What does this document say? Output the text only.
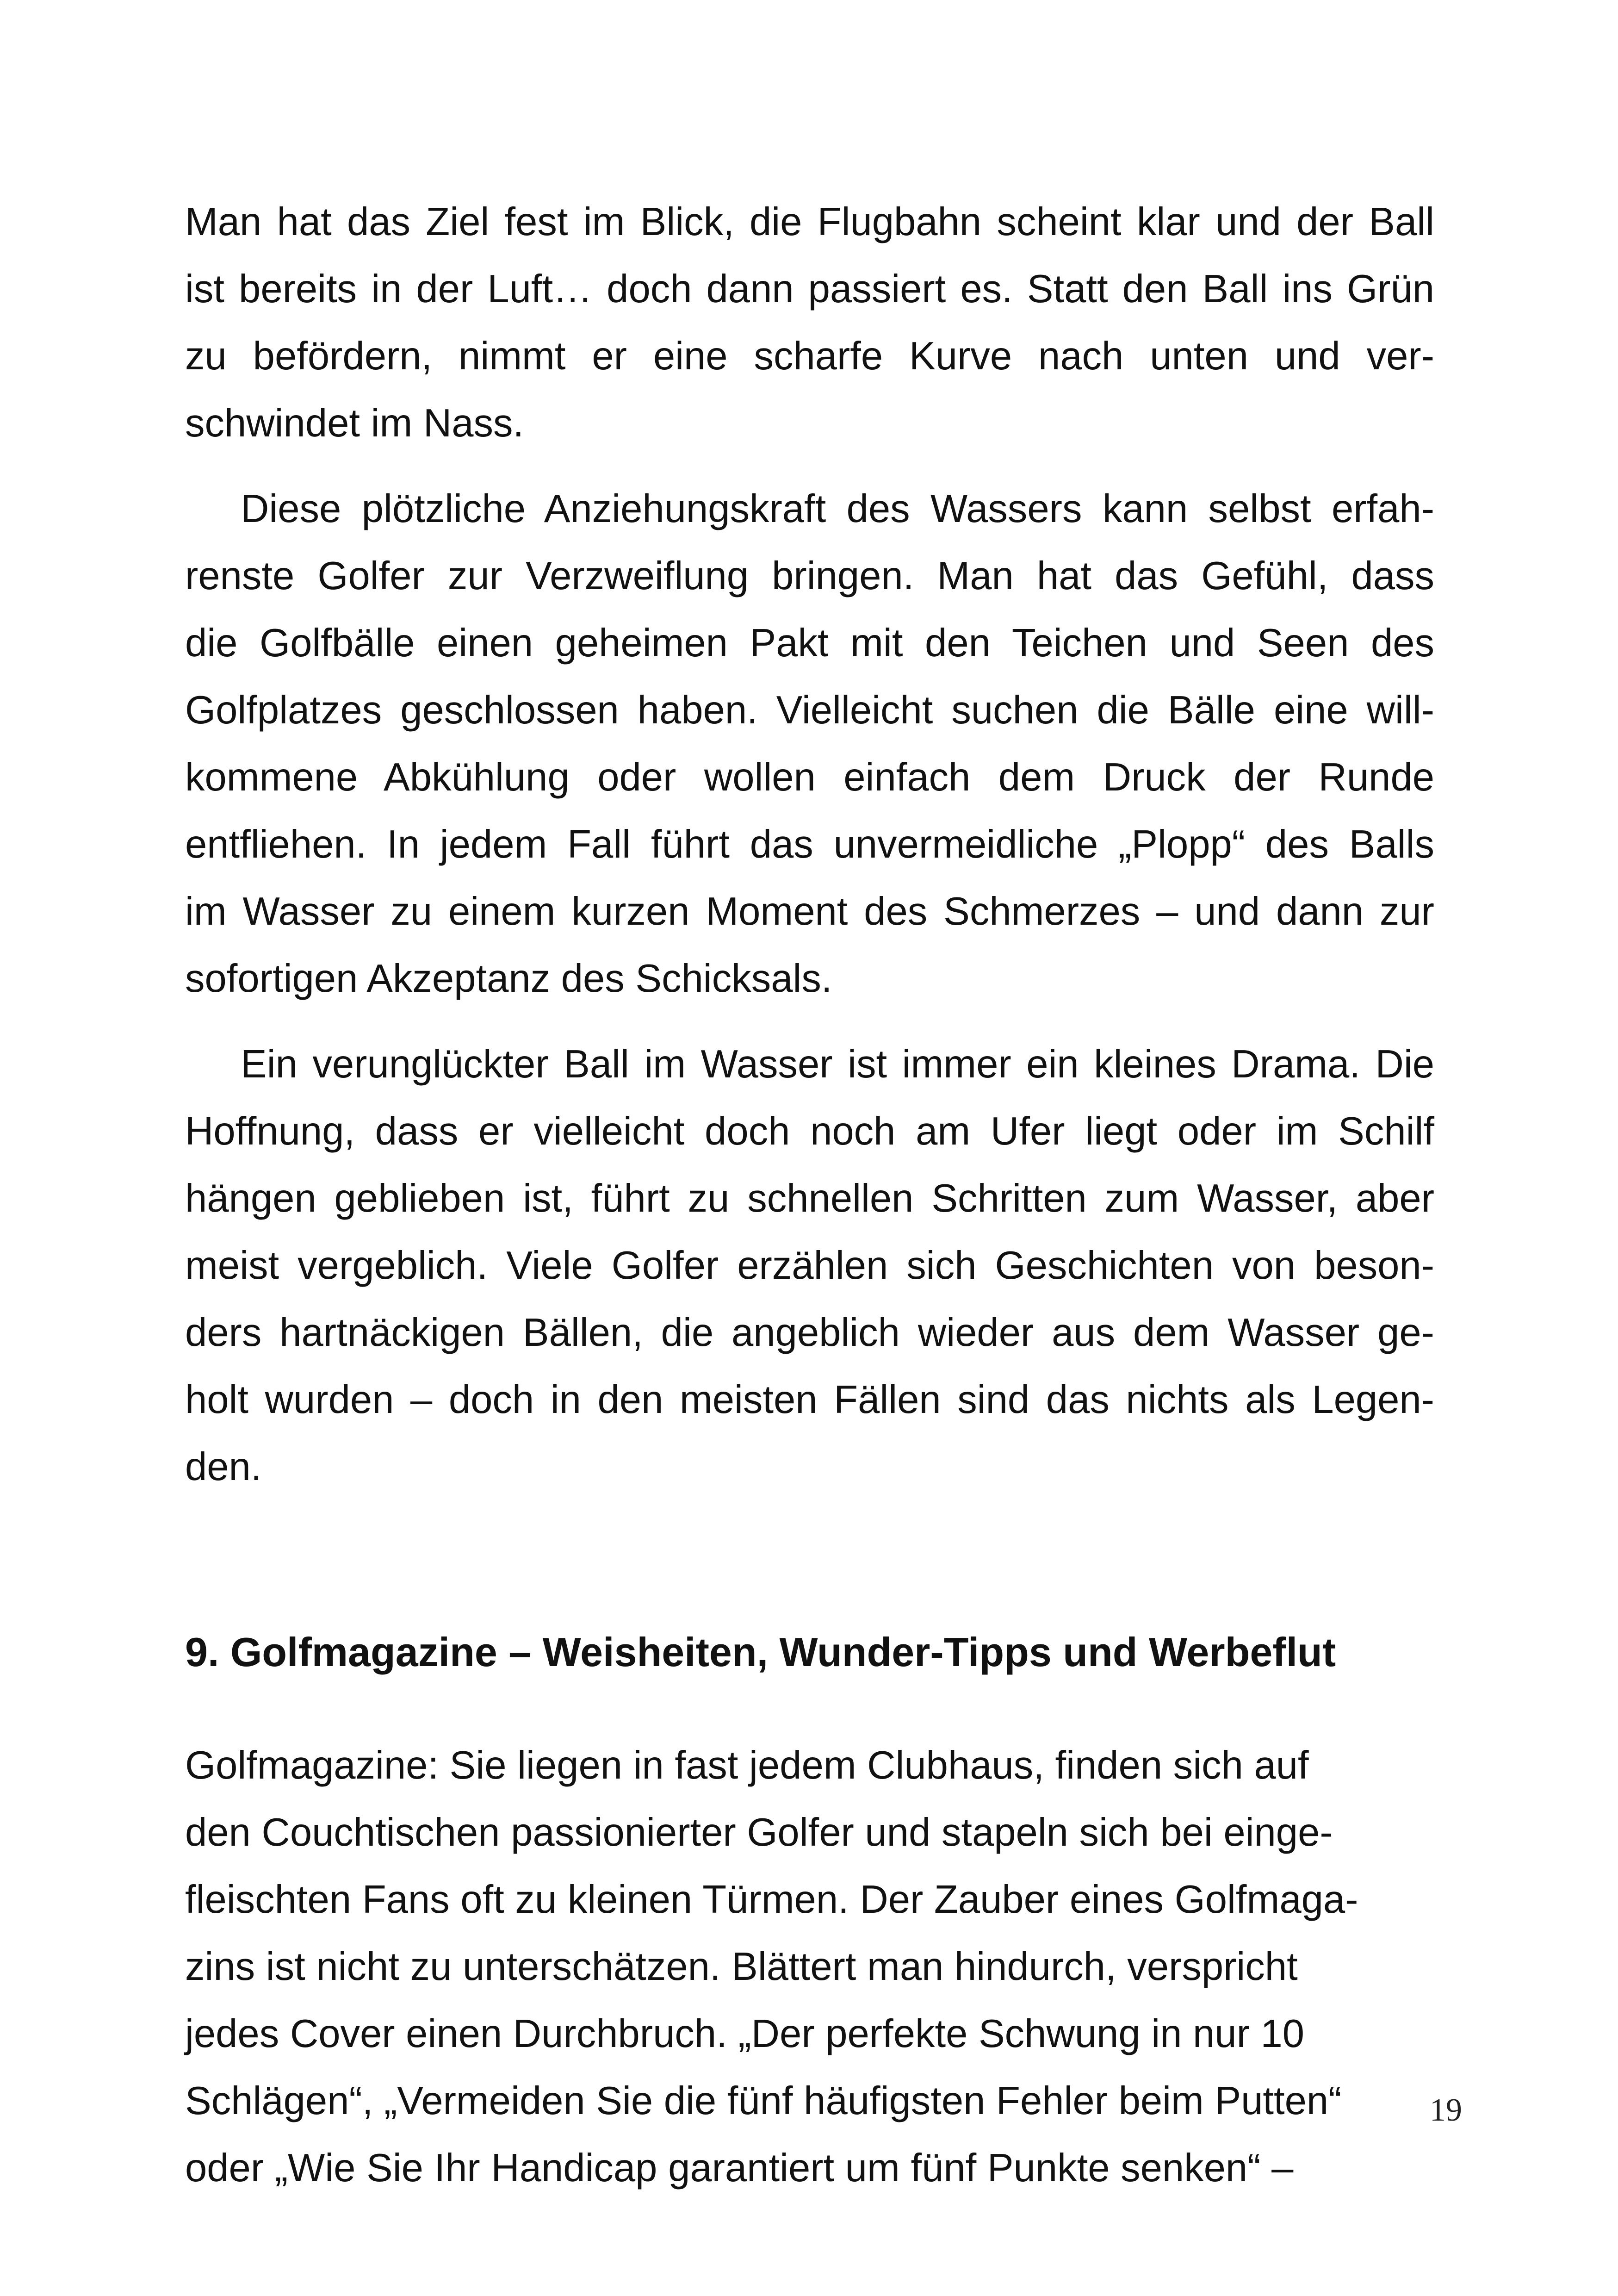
Man hat das Ziel fest im Blick, die Flugbahn scheint klar und der Ball

ist bereits in der Luft… doch dann passiert es. Statt den Ball ins Grün

zu befördern, nimmt er eine scharfe Kurve nach unten und ver-

schwindet im Nass.

Diese plötzliche Anziehungskraft des Wassers kann selbst erfah-

renste Golfer zur Verzweiflung bringen. Man hat das Gefühl, dass

die Golfbälle einen geheimen Pakt mit den Teichen und Seen des

Golfplatzes geschlossen haben. Vielleicht suchen die Bälle eine will-

kommene Abkühlung oder wollen einfach dem Druck der Runde

entfliehen. In jedem Fall führt das unvermeidliche „Plopp“ des Balls

im Wasser zu einem kurzen Moment des Schmerzes – und dann zur

sofortigen Akzeptanz des Schicksals.

Ein verunglückter Ball im Wasser ist immer ein kleines Drama. Die

Hoffnung, dass er vielleicht doch noch am Ufer liegt oder im Schilf

hängen geblieben ist, führt zu schnellen Schritten zum Wasser, aber

meist vergeblich. Viele Golfer erzählen sich Geschichten von beson-

ders hartnäckigen Bällen, die angeblich wieder aus dem Wasser ge-

holt wurden – doch in den meisten Fällen sind das nichts als Legen-

den.

9. Golfmagazine – Weisheiten, Wunder-Tipps und Werbeflut

Golfmagazine: Sie liegen in fast jedem Clubhaus, finden sich auf

den Couchtischen passionierter Golfer und stapeln sich bei einge-

fleischten Fans oft zu kleinen Türmen. Der Zauber eines Golfmaga-

zins ist nicht zu unterschätzen. Blättert man hindurch, verspricht

jedes Cover einen Durchbruch. „Der perfekte Schwung in nur 10

Schlägen“, „Vermeiden Sie die fünf häufigsten Fehler beim Putten“

oder „Wie Sie Ihr Handicap garantiert um fünf Punkte senken“ –

19
